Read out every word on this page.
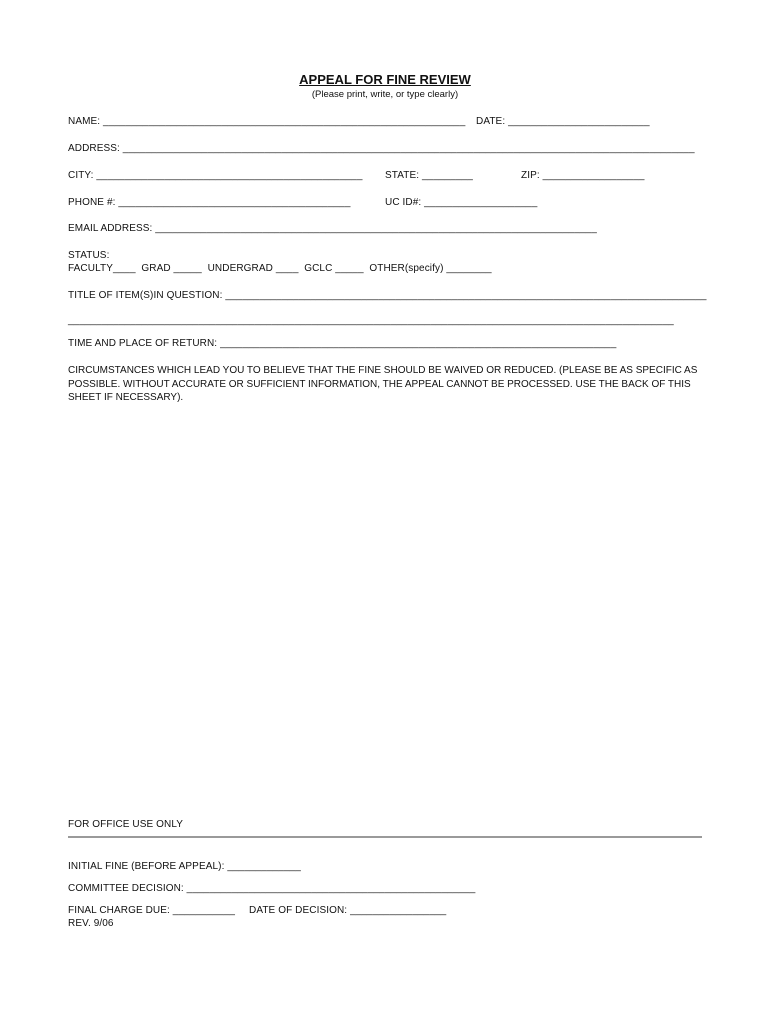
APPEAL FOR FINE REVIEW
(Please print, write, or type clearly)
NAME: ________________________________________________________________ DATE: _________________________
ADDRESS: _____________________________________________________________________________________________________
CITY: _______________________________________________ STATE: _________	ZIP: __________________
PHONE #: _________________________________________	UC ID#: ____________________
EMAIL ADDRESS: ______________________________________________________________________________
STATUS:
FACULTY____  GRAD _____  UNDERGRAD ____  GCLC _____  OTHER(specify) ________
TITLE OF ITEM(S)IN QUESTION: _____________________________________________________________________________________
___________________________________________________________________________________________________________
TIME AND PLACE OF RETURN: ______________________________________________________________________
CIRCUMSTANCES WHICH LEAD YOU TO BELIEVE THAT THE FINE SHOULD BE WAIVED OR REDUCED. (PLEASE BE AS SPECIFIC AS POSSIBLE. WITHOUT ACCURATE OR SUFFICIENT INFORMATION, THE APPEAL CANNOT BE PROCESSED. USE THE BACK OF THIS SHEET IF NECESSARY).
FOR OFFICE USE ONLY
INITIAL FINE (BEFORE APPEAL): _____________
COMMITTEE DECISION: ___________________________________________________
FINAL CHARGE DUE: ___________ DATE OF DECISION: _________________
REV. 9/06
